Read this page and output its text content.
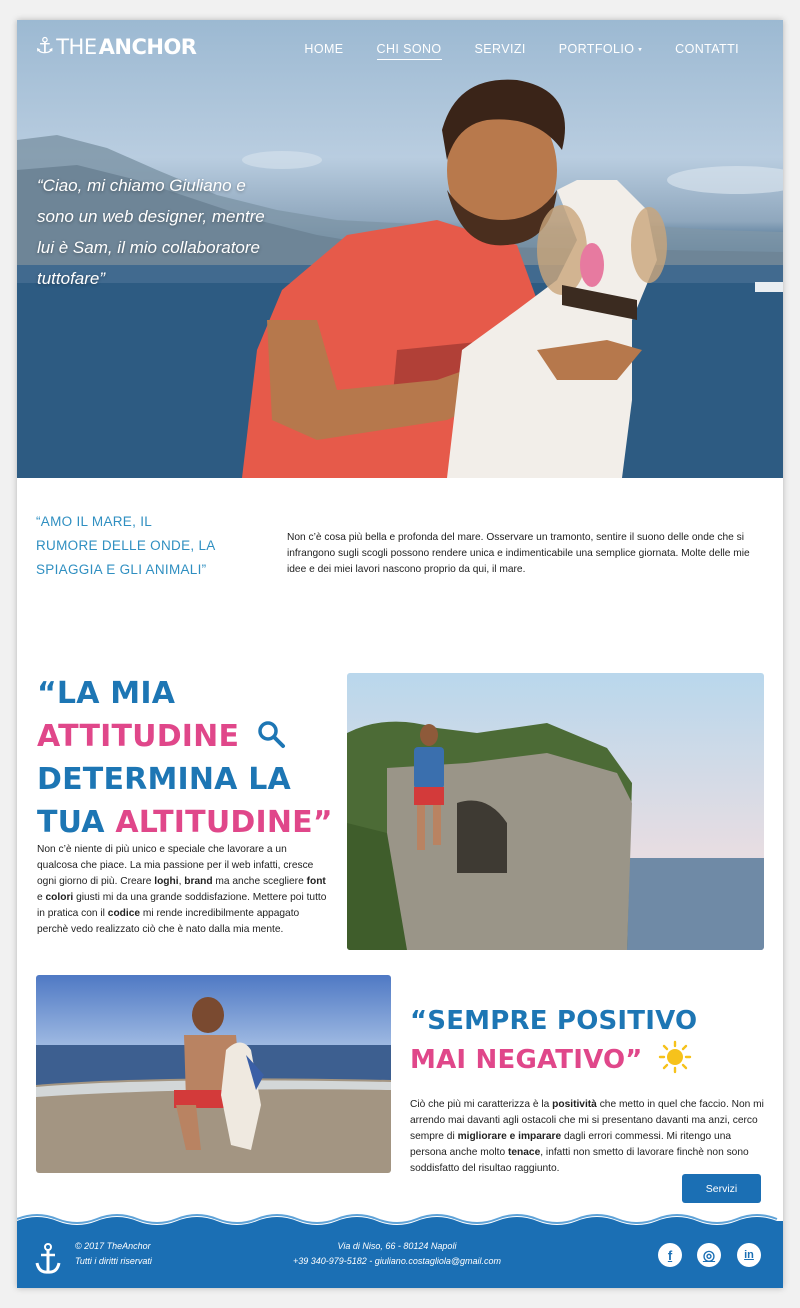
⚓ THE ANCHOR	HOME	CHI SONO	SERVIZI	PORTFOLIO ▾	CONTATTI

“Ciao, mi chiamo Giuliano e sono un web designer, mentre lui è Sam, il mio collaboratore tuttofare”

“AMO IL MARE, IL RUMORE DELLE ONDE, LA SPIAGGIA E GLI ANIMALI”

Non c’è cosa più bella e profonda del mare. Osservare un tramonto, sentire il suono delle onde che si infrangono sugli scogli possono rendere unica e indimenticabile una semplice giornata. Molte delle mie idee e dei miei lavori nascono proprio da qui, il mare.

“LA MIA
ATTITUDINE
DETERMINA LA
TUA ALTITUDINE”

Non c’è niente di più unico e speciale che lavorare a un qualcosa che piace. La mia passione per il web infatti, cresce ogni giorno di più. Creare loghi, brand ma anche scegliere font e colori giusti mi da una grande soddisfazione. Mettere poi tutto in pratica con il codice mi rende incredibilmente appagato perchè vedo realizzato ciò che è nato dalla mia mente.

“SEMPRE POSITIVO
MAI NEGATIVO”

Ciò che più mi caratterizza è la positività che metto in quel che faccio. Non mi arrendo mai davanti agli ostacoli che mi si presentano davanti ma anzi, cerco sempre di migliorare e imparare dagli errori commessi. Mi ritengo una persona anche molto tenace, infatti non smetto di lavorare finchè non sono soddisfatto del risultao raggiunto.

Servizi
© 2017 TheAnchor
Tutti i diritti riservati
Via di Niso, 66 - 80124 Napoli
+39 340-979-5182 - giuliano.costagliola@gmail.com	f	◎	in
